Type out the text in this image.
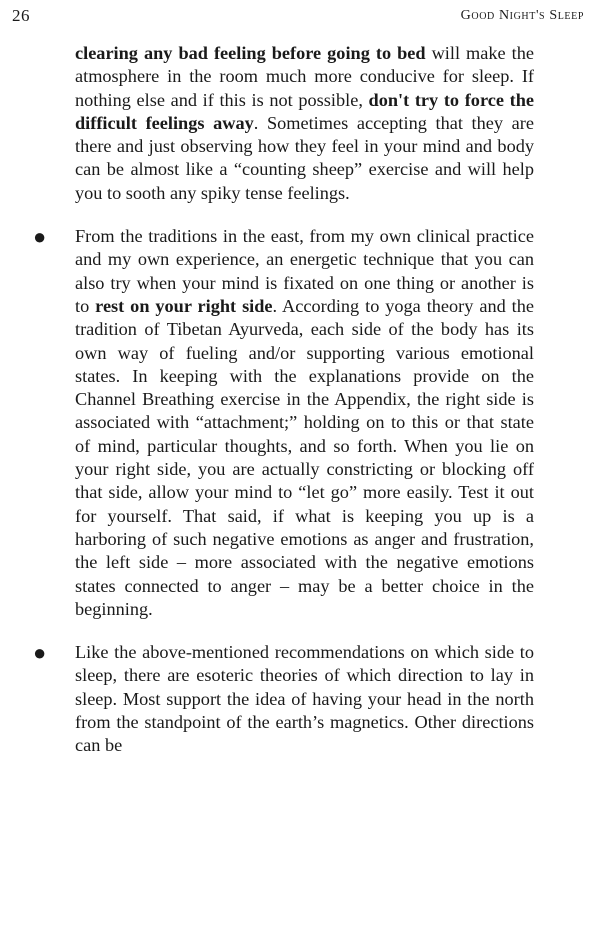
26	Good Night's Sleep

clearing any bad feeling before going to bed will make the atmosphere in the room much more conducive for sleep. If nothing else and if this is not possible, don't try to force the difficult feelings away. Sometimes accepting that they are there and just observing how they feel in your mind and body can be almost like a “counting sheep” exercise and will help you to sooth any spiky tense feelings.

● From the traditions in the east, from my own clinical practice and my own experience, an energetic technique that you can also try when your mind is fixated on one thing or another is to rest on your right side. According to yoga theory and the tradition of Tibetan Ayurveda, each side of the body has its own way of fueling and/or supporting various emotional states. In keeping with the explanations provide on the Channel Breathing exercise in the Appendix, the right side is associated with “attachment;” holding on to this or that state of mind, particular thoughts, and so forth. When you lie on your right side, you are actually constricting or blocking off that side, allow your mind to “let go” more easily. Test it out for yourself. That said, if what is keeping you up is a harboring of such negative emotions as anger and frustration, the left side – more associated with the negative emotions states connected to anger – may be a better choice in the beginning.

● Like the above-mentioned recommendations on which side to sleep, there are esoteric theories of which direction to lay in sleep. Most support the idea of having your head in the north from the standpoint of the earth’s magnetics. Other directions can be
